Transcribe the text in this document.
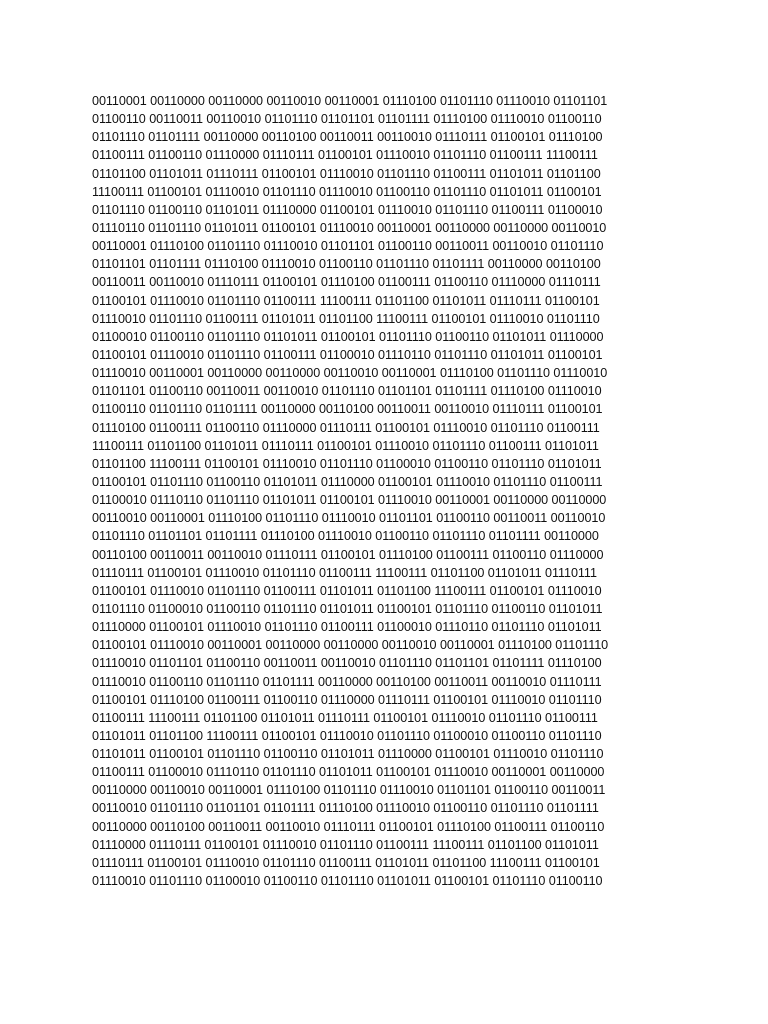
00110001 00110000 00110000 00110010 00110001 01110100 01101110 01110010 01101101
01100110 00110011 00110010 01101110 01101101 01101111 01110100 01110010 01100110
01101110 01101111 00110000 00110100 00110011 00110010 01110111 01100101 01110100
01100111 01100110 01110000 01110111 01100101 01110010 01101110 01100111 11100111
01101100 01101011 01110111 01100101 01110010 01101110 01100111 01101011 01101100
11100111 01100101 01110010 01101110 01110010 01100110 01101110 01101011 01100101
01101110 01100110 01101011 01110000 01100101 01110010 01101110 01100111 01100010
01110110 01101110 01101011 01100101 01110010 00110001 00110000 00110000 00110010
00110001 01110100 01101110 01110010 01101101 01100110 00110011 00110010 01101110
01101101 01101111 01110100 01110010 01100110 01101110 01101111 00110000 00110100
00110011 00110010 01110111 01100101 01110100 01100111 01100110 01110000 01110111
01100101 01110010 01101110 01100111 11100111 01101100 01101011 01110111 01100101
01110010 01101110 01100111 01101011 01101100 11100111 01100101 01110010 01101110
01100010 01100110 01101110 01101011 01100101 01101110 01100110 01101011 01110000
01100101 01110010 01101110 01100111 01100010 01110110 01101110 01101011 01100101
01110010 00110001 00110000 00110000 00110010 00110001 01110100 01101110 01110010
01101101 01100110 00110011 00110010 01101110 01101101 01101111 01110100 01110010
01100110 01101110 01101111 00110000 00110100 00110011 00110010 01110111 01100101
01110100 01100111 01100110 01110000 01110111 01100101 01110010 01101110 01100111
11100111 01101100 01101011 01110111 01100101 01110010 01101110 01100111 01101011
01101100 11100111 01100101 01110010 01101110 01100010 01100110 01101110 01101011
01100101 01101110 01100110 01101011 01110000 01100101 01110010 01101110 01100111
01100010 01110110 01101110 01101011 01100101 01110010 00110001 00110000 00110000
00110010 00110001 01110100 01101110 01110010 01101101 01100110 00110011 00110010
01101110 01101101 01101111 01110100 01110010 01100110 01101110 01101111 00110000
00110100 00110011 00110010 01110111 01100101 01110100 01100111 01100110 01110000
01110111 01100101 01110010 01101110 01100111 11100111 01101100 01101011 01110111
01100101 01110010 01101110 01100111 01101011 01101100 11100111 01100101 01110010
01101110 01100010 01100110 01101110 01101011 01100101 01101110 01100110 01101011
01110000 01100101 01110010 01101110 01100111 01100010 01110110 01101110 01101011
01100101 01110010 00110001 00110000 00110000 00110010 00110001 01110100 01101110
01110010 01101101 01100110 00110011 00110010 01101110 01101101 01101111 01110100
01110010 01100110 01101110 01101111 00110000 00110100 00110011 00110010 01110111
01100101 01110100 01100111 01100110 01110000 01110111 01100101 01110010 01101110
01100111 11100111 01101100 01101011 01110111 01100101 01110010 01101110 01100111
01101011 01101100 11100111 01100101 01110010 01101110 01100010 01100110 01101110
01101011 01100101 01101110 01100110 01101011 01110000 01100101 01110010 01101110
01100111 01100010 01110110 01101110 01101011 01100101 01110010 00110001 00110000
00110000 00110010 00110001 01110100 01101110 01110010 01101101 01100110 00110011
00110010 01101110 01101101 01101111 01110100 01110010 01100110 01101110 01101111
00110000 00110100 00110011 00110010 01110111 01100101 01110100 01100111 01100110
01110000 01110111 01100101 01110010 01101110 01100111 11100111 01101100 01101011
01110111 01100101 01110010 01101110 01100111 01101011 01101100 11100111 01100101
01110010 01101110 01100010 01100110 01101110 01101011 01100101 01101110 01100110
